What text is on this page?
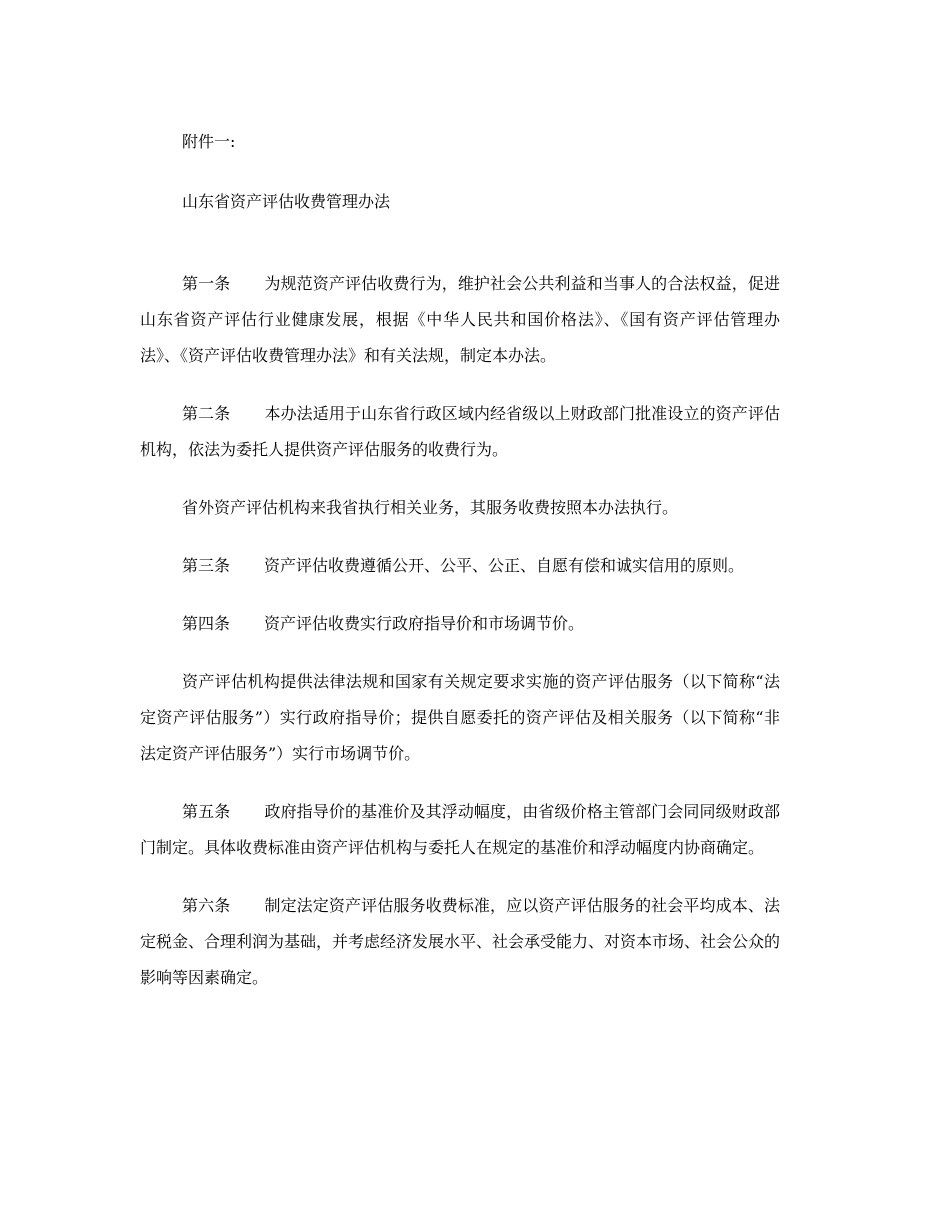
附件一:

山东省资产评估收费管理办法

第一条 为规范资产评估收费行为，维护社会公共利益和当事人的合法权益，促进山东省资产评估行业健康发展，根据《中华人民共和国价格法》、《国有资产评估管理办法》、《资产评估收费管理办法》和有关法规，制定本办法。

第二条 本办法适用于山东省行政区域内经省级以上财政部门批准设立的资产评估机构，依法为委托人提供资产评估服务的收费行为。

省外资产评估机构来我省执行相关业务，其服务收费按照本办法执行。

第三条 资产评估收费遵循公开、公平、公正、自愿有偿和诚实信用的原则。

第四条 资产评估收费实行政府指导价和市场调节价。

资产评估机构提供法律法规和国家有关规定要求实施的资产评估服务（以下简称“法定资产评估服务”）实行政府指导价；提供自愿委托的资产评估及相关服务（以下简称“非法定资产评估服务”）实行市场调节价。

第五条 政府指导价的基准价及其浮动幅度，由省级价格主管部门会同同级财政部门制定。具体收费标准由资产评估机构与委托人在规定的基准价和浮动幅度内协商确定。

第六条 制定法定资产评估服务收费标准，应以资产评估服务的社会平均成本、法定税金、合理利润为基础，并考虑经济发展水平、社会承受能力、对资本市场、社会公众的影响等因素确定。
